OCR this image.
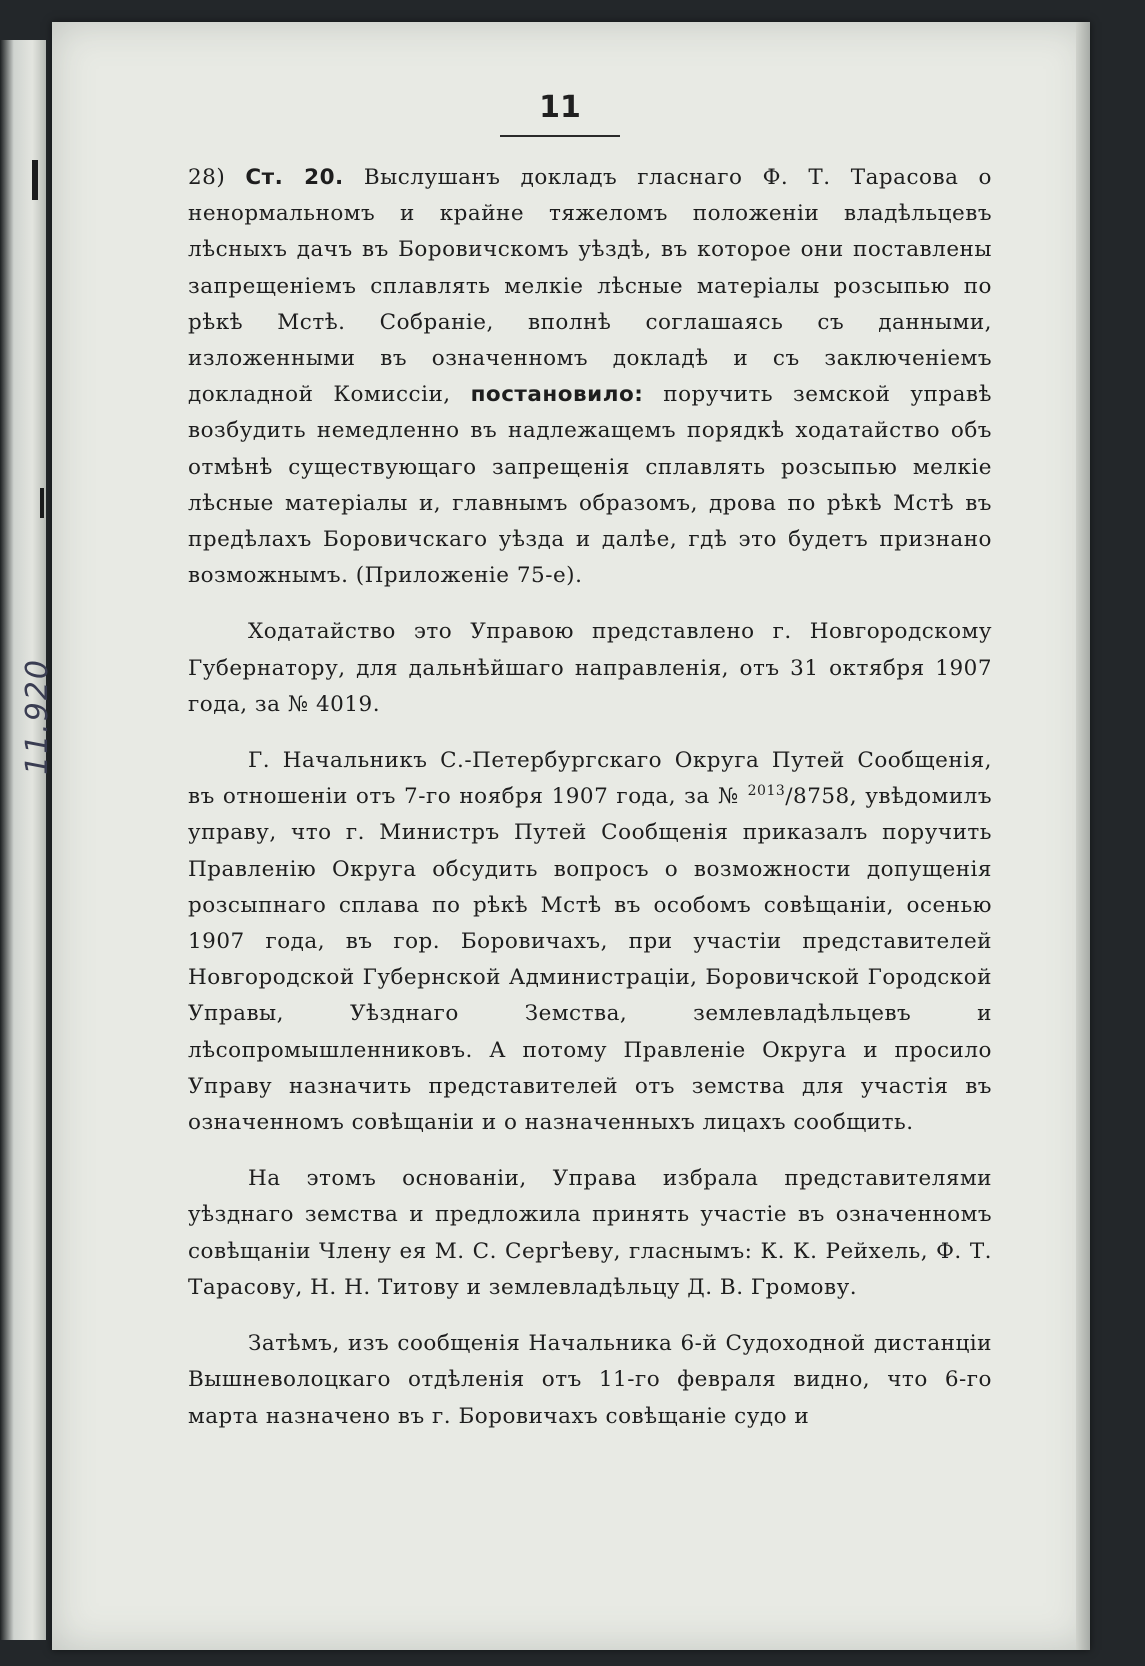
11.920
11

28) Ст. 20. Выслушанъ докладъ гласнаго Ф. Т. Тарасова о ненормальномъ и крайне тяжеломъ положеніи владѣльцевъ лѣсныхъ дачъ въ Боровичскомъ уѣздѣ, въ которое они поставлены запрещеніемъ сплавлять мелкіе лѣсные матеріалы розсыпью по рѣкѣ Мстѣ. Собраніе, вполнѣ соглашаясь съ данными, изложенными въ означенномъ докладѣ и съ заключеніемъ докладной Комиссіи, постановило: поручить земской управѣ возбудить немедленно въ надлежащемъ порядкѣ ходатайство объ отмѣнѣ существующаго запрещенія сплавлять розсыпью мелкіе лѣсные матеріалы и, главнымъ образомъ, дрова по рѣкѣ Мстѣ въ предѣлахъ Боровичскаго уѣзда и далѣе, гдѣ это будетъ признано возможнымъ. (Приложеніе 75-е).

Ходатайство это Управою представлено г. Новгородскому Губернатору, для дальнѣйшаго направленія, отъ 31 октября 1907 года, за № 4019.

Г. Начальникъ С.-Петербургскаго Округа Путей Сообщенія, въ отношеніи отъ 7-го ноября 1907 года, за № $^{2013}$/8758, увѣдомилъ управу, что г. Министръ Путей Сообщенія приказалъ поручить Правленію Округа обсудить вопросъ о возможности допущенія розсыпнаго сплава по рѣкѣ Мстѣ въ особомъ совѣщаніи, осенью 1907 года, въ гор. Боровичахъ, при участіи представителей Новгородской Губернской Администраціи, Боровичской Городской Управы, Уѣзднаго Земства, землевладѣльцевъ и лѣсопромышленниковъ. А потому Правленіе Округа и просило Управу назначить представителей отъ земства для участія въ означенномъ совѣщаніи и о назначенныхъ лицахъ сообщить.

На этомъ основаніи, Управа избрала представителями уѣзднаго земства и предложила принять участіе въ означенномъ совѣщаніи Члену ея М. С. Сергѣеву, гласнымъ: К. К. Рейхель, Ф. Т. Тарасову, Н. Н. Титову и землевладѣльцу Д. В. Громову.

Затѣмъ, изъ сообщенія Начальника 6-й Судоходной дистанціи Вышневолоцкаго отдѣленія отъ 11-го февраля видно, что 6-го марта назначено въ г. Боровичахъ совѣщаніе судо и
